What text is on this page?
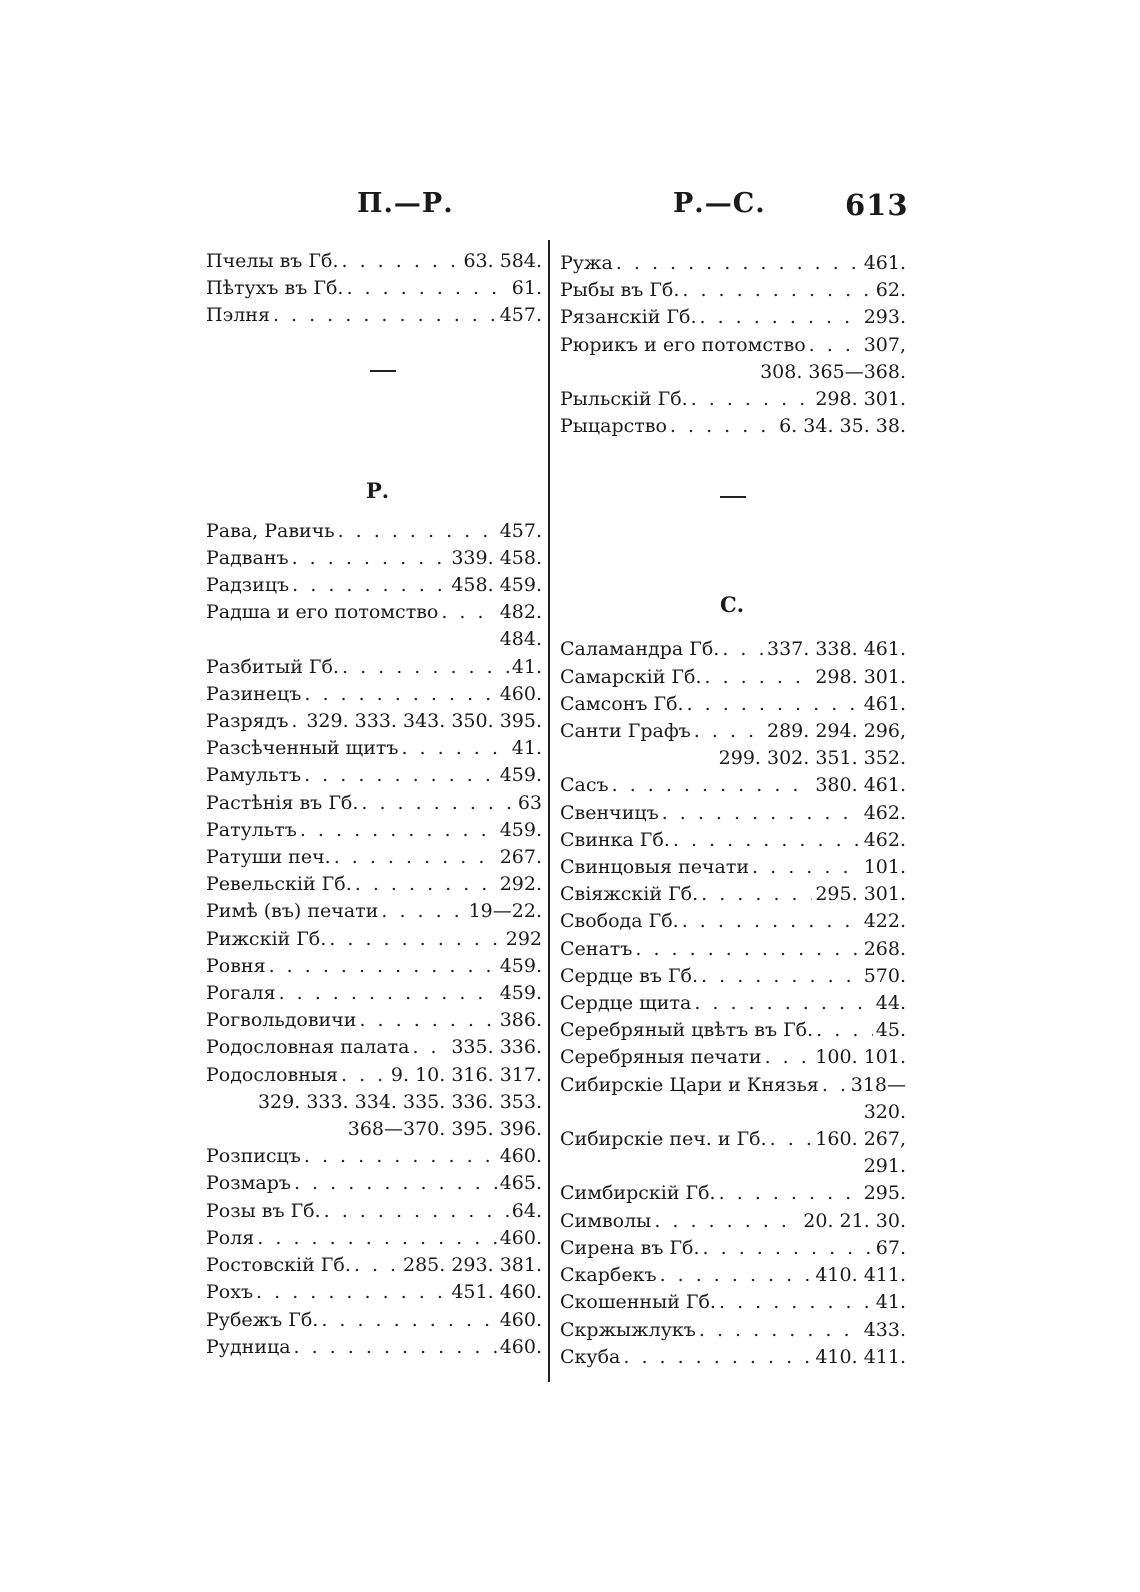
П.—Р.	Р.—С.	613
Пчелы въ Гб. . . .	63. 584.
Пѣтухъ въ Гб. . . .	61.
Пэлня . . .	457.
Р.
Рава, Равичь . . .	457.
Радванъ . . .	339. 458.
Радзицъ . . .	458. 459.
Радша и его потомство . . .	482.
484.
Разбитый Гб. . . .	41.
Разинецъ . . .	460.
Разрядъ . . . 329. 333. 343. 350. 395.
Разсѣченный щитъ . . .	41.
Рамультъ . . .	459.
Растѣнія въ Гб. . . .	63
Ратультъ . . .	459.
Ратуши печ. . . .	267.
Ревельскій Гб. . . .	292.
Римѣ (въ) печати . . .	19—22.
Рижскій Гб. . . .	292
Ровня . . .	459.
Рогаля . . .	459.
Рогвольдовичи . . .	386.
Родословная палата . . . 335. 336.
Родословныя . . .	9. 10. 316. 317.
329. 333. 334. 335. 336. 353.
368—370. 395. 396.
Розписцъ . . .	460.
Розмаръ . . .	465.
Розы въ Гб. . . .	64.
Роля . . .	460.
Ростовскій Гб. . . .	285. 293. 381.
Рохъ . . .	451. 460.
Рубежъ Гб. . . .	460.
Рудница . . .	460.
Ружа . . .	461.
Рыбы въ Гб. . . .	62.
Рязанскій Гб. . . .	293.
Рюрикъ и его потомство . . .	307,
308. 365—368.
Рыльскій Гб. . . .	298. 301.
Рыцарство . . .	6. 34. 35. 38.
С.
Саламандра Гб. . . .	337. 338. 461.
Самарскій Гб. . . .	298. 301.
Самсонъ Гб. . . .	461.
Санти Графъ . . .	289. 294. 296,
299. 302. 351. 352.
Сасъ . . .	380. 461.
Свенчицъ . . .	462.
Свинка Гб. . . .	462.
Свинцовыя печати . . .	101.
Свіяжскій Гб. . . .	295. 301.
Свобода Гб. . . .	422.
Сенатъ . . .	268.
Сердце въ Гб. . . .	570.
Сердце щита . . .	44.
Серебряный цвѣтъ въ Гб. . . .	45.
Серебряныя печати . . .	100. 101.
Сибирскіе Цари и Князья . . . 318—
320.
Сибирскіе печ. и Гб. . . .	160. 267,
291.
Симбирскій Гб. . . .	295.
Символы . . .	20. 21. 30.
Сирена въ Гб. . . .	67.
Скарбекъ . . .	410. 411.
Скошенный Гб. . . .	41.
Скржыжлукъ . . .	433.
Скуба . . .	410. 411.
